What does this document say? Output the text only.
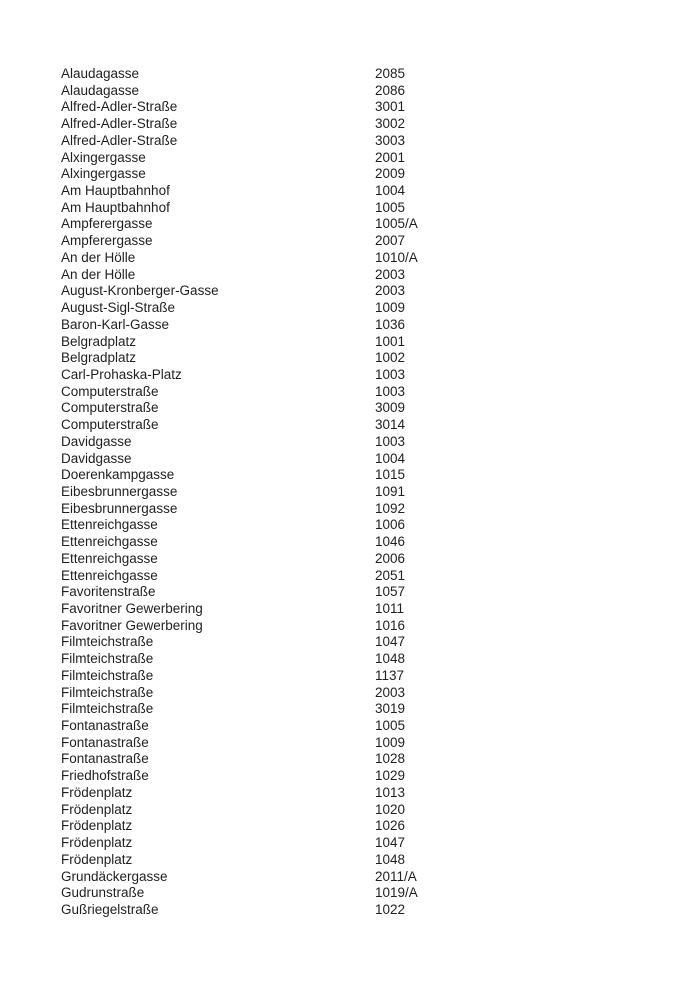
Alaudagasse	2085
Alaudagasse	2086
Alfred-Adler-Straße	3001
Alfred-Adler-Straße	3002
Alfred-Adler-Straße	3003
Alxingergasse	2001
Alxingergasse	2009
Am Hauptbahnhof	1004
Am Hauptbahnhof	1005
Ampferergasse	1005/A
Ampferergasse	2007
An der Hölle	1010/A
An der Hölle	2003
August-Kronberger-Gasse	2003
August-Sigl-Straße	1009
Baron-Karl-Gasse	1036
Belgradplatz	1001
Belgradplatz	1002
Carl-Prohaska-Platz	1003
Computerstraße	1003
Computerstraße	3009
Computerstraße	3014
Davidgasse	1003
Davidgasse	1004
Doerenkampgasse	1015
Eibesbrunnergasse	1091
Eibesbrunnergasse	1092
Ettenreichgasse	1006
Ettenreichgasse	1046
Ettenreichgasse	2006
Ettenreichgasse	2051
Favoritenstraße	1057
Favoritner Gewerbering	1011
Favoritner Gewerbering	1016
Filmteichstraße	1047
Filmteichstraße	1048
Filmteichstraße	1137
Filmteichstraße	2003
Filmteichstraße	3019
Fontanastraße	1005
Fontanastraße	1009
Fontanastraße	1028
Friedhofstraße	1029
Frödenplatz	1013
Frödenplatz	1020
Frödenplatz	1026
Frödenplatz	1047
Frödenplatz	1048
Grundäckergasse	2011/A
Gudrunstraße	1019/A
Gußriegelstraße	1022
